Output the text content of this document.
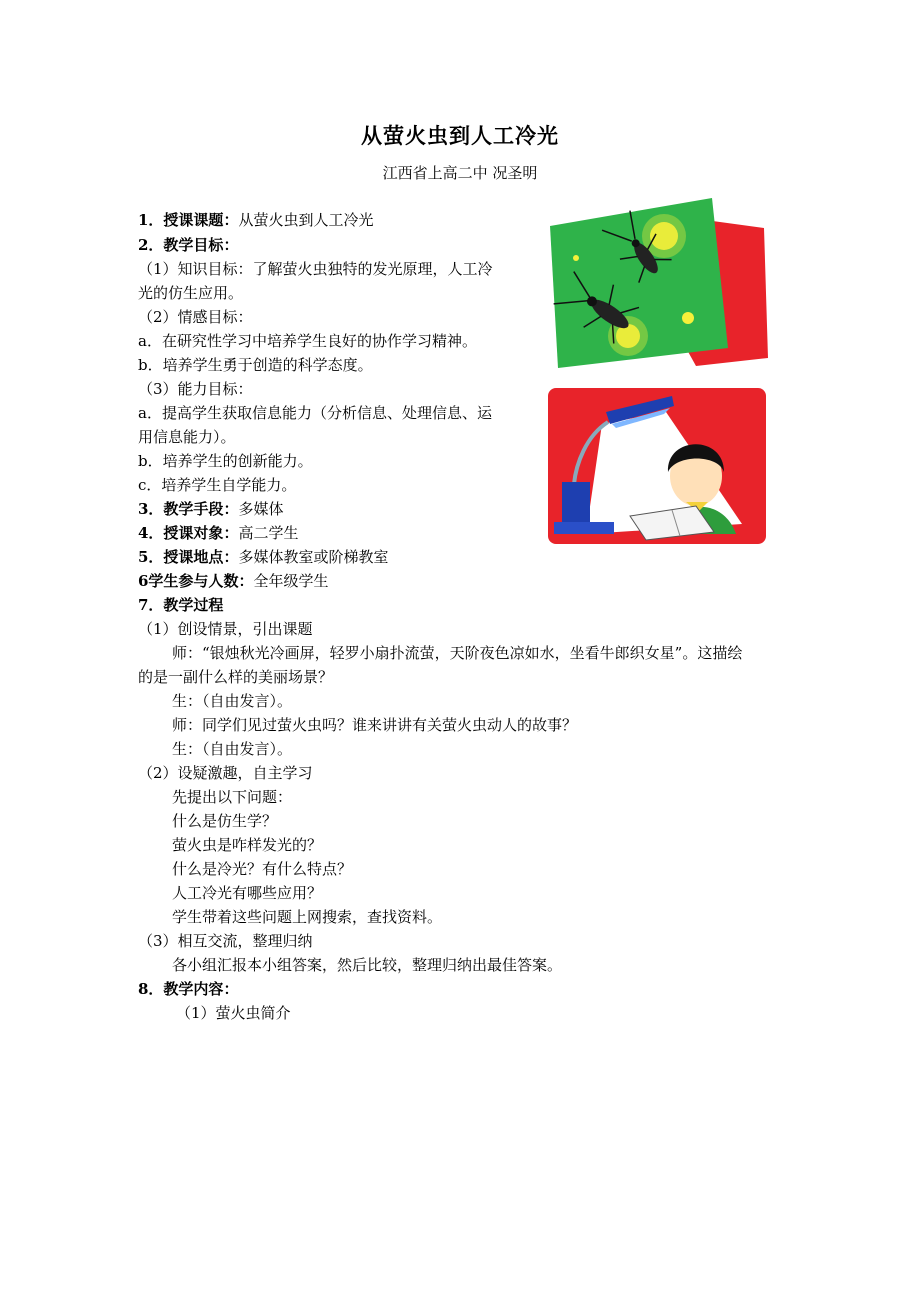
从萤火虫到人工冷光
江西省上高二中 况圣明
1．授课课题：从萤火虫到人工冷光
2．教学目标：
（1）知识目标：了解萤火虫独特的发光原理，人工冷
光的仿生应用。
（2）情感目标：
a．在研究性学习中培养学生良好的协作学习精神。
b．培养学生勇于创造的科学态度。
（3）能力目标：
a．提高学生获取信息能力（分析信息、处理信息、运
用信息能力）。
b．培养学生的创新能力。
c．培养学生自学能力。
3．教学手段：多媒体
4．授课对象：高二学生
5．授课地点：多媒体教室或阶梯教室
6学生参与人数：全年级学生
7．教学过程
（1）创设情景，引出课题
师：“银烛秋光冷画屏，轻罗小扇扑流萤，天阶夜色凉如水，坐看牛郎织女星”。这描绘
的是一副什么样的美丽场景？
生：（自由发言）。
师：同学们见过萤火虫吗？谁来讲讲有关萤火虫动人的故事？
生：（自由发言）。
（2）设疑激趣，自主学习
先提出以下问题：
什么是仿生学？
萤火虫是咋样发光的？
什么是冷光？有什么特点？
人工冷光有哪些应用？
学生带着这些问题上网搜索，查找资料。
（3）相互交流，整理归纳
各小组汇报本小组答案，然后比较，整理归纳出最佳答案。
8．教学内容：
（1）萤火虫简介
